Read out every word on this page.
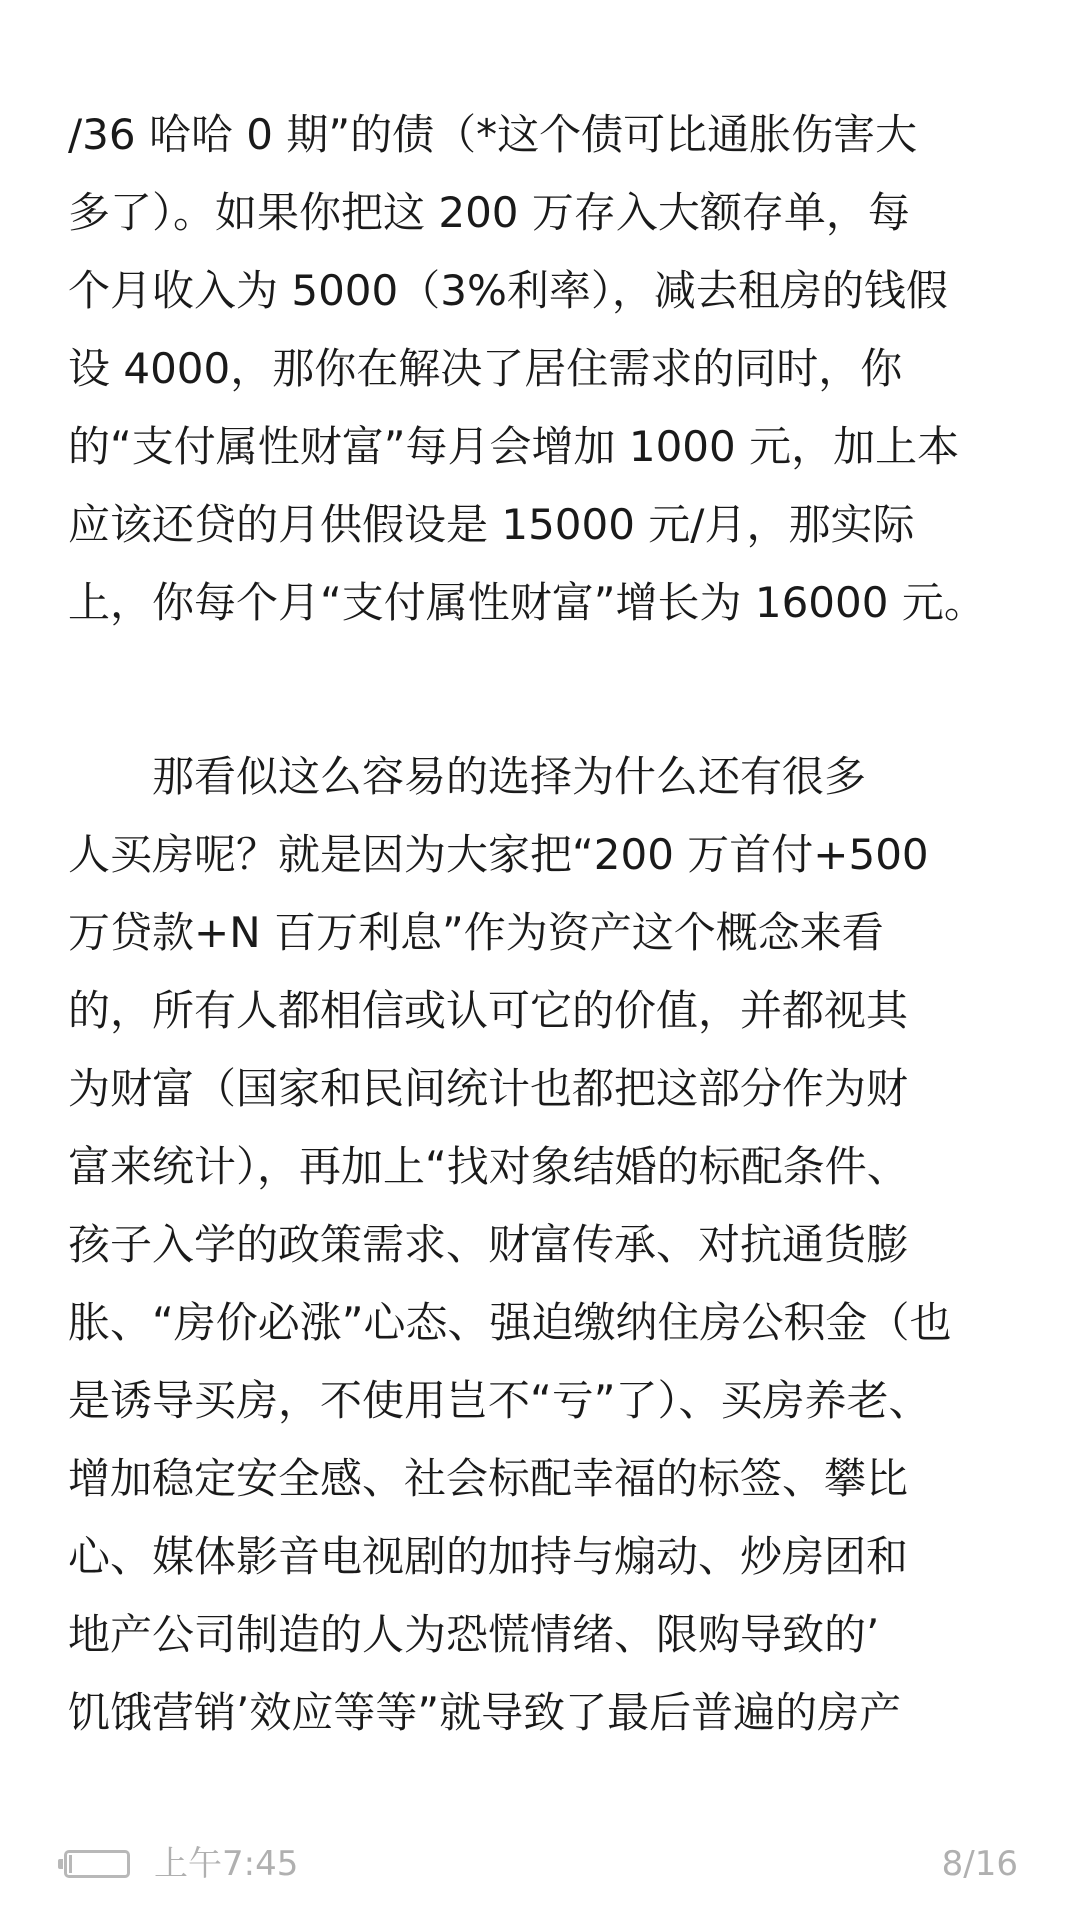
/36 哈哈 0 期”的债（*这个债可比通胀伤害大
多了）。如果你把这 200 万存入大额存单，每
个月收入为 5000（3%利率），减去租房的钱假
设 4000，那你在解决了居住需求的同时，你
的“支付属性财富”每月会增加 1000 元，加上本
应该还贷的月供假设是 15000 元/月，那实际
上，你每个月“支付属性财富”增长为 16000 元。
　　那看似这么容易的选择为什么还有很多
人买房呢？就是因为大家把“200 万首付+500
万贷款+N 百万利息”作为资产这个概念来看
的，所有人都相信或认可它的价值，并都视其
为财富（国家和民间统计也都把这部分作为财
富来统计），再加上“找对象结婚的标配条件、
孩子入学的政策需求、财富传承、对抗通货膨
胀、“房价必涨”心态、强迫缴纳住房公积金（也
是诱导买房，不使用岂不“亏”了）、买房养老、
增加稳定安全感、社会标配幸福的标签、攀比
心、媒体影音电视剧的加持与煽动、炒房团和
地产公司制造的人为恐慌情绪、限购导致的’
饥饿营销’效应等等”就导致了最后普遍的房产
上午7:45	8/16
